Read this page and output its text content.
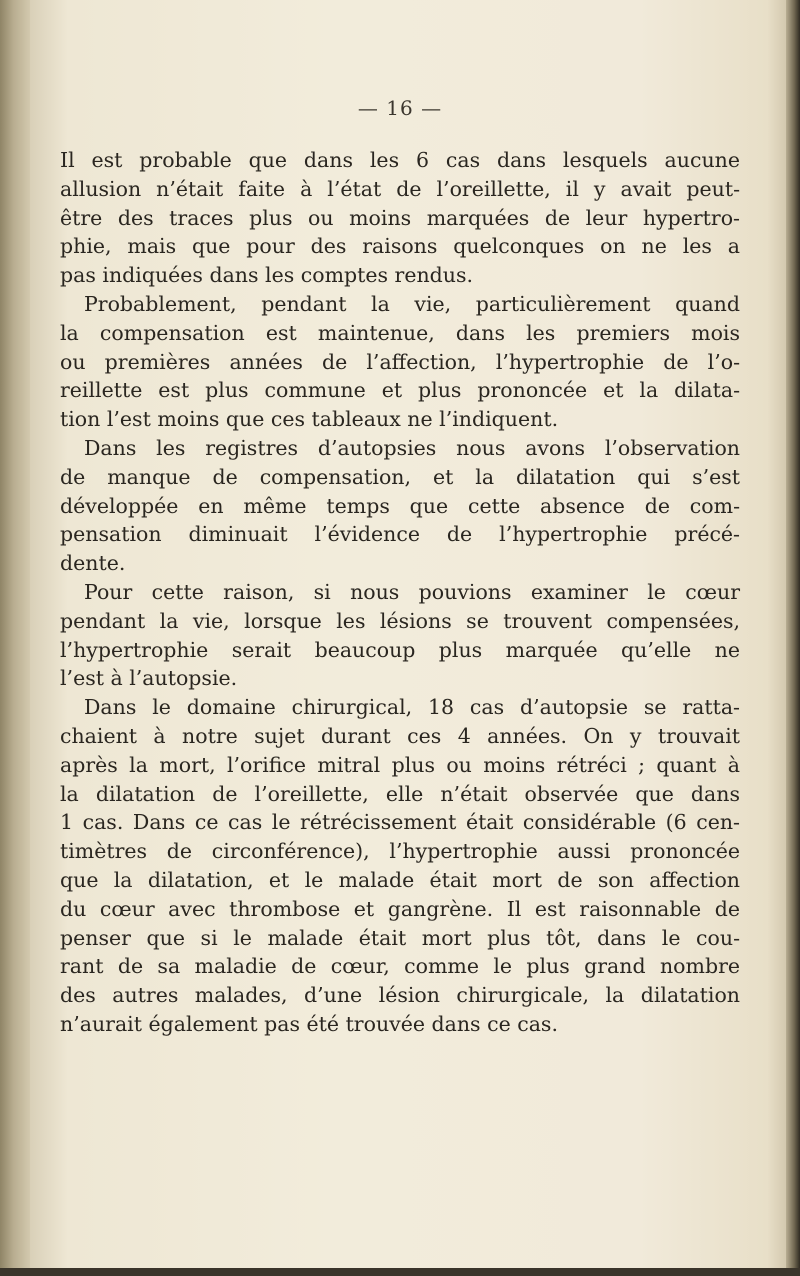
— 16 —

Il est probable que dans les 6 cas dans lesquels aucune
allusion n’était faite à l’état de l’oreillette, il y avait peut-
être des traces plus ou moins marquées de leur hypertro-
phie, mais que pour des raisons quelconques on ne les a
pas indiquées dans les comptes rendus.

Probablement, pendant la vie, particulièrement quand
la compensation est maintenue, dans les premiers mois
ou premières années de l’affection, l’hypertrophie de l’o-
reillette est plus commune et plus prononcée et la dilata-
tion l’est moins que ces tableaux ne l’indiquent.

Dans les registres d’autopsies nous avons l’observation
de manque de compensation, et la dilatation qui s’est
développée en même temps que cette absence de com-
pensation diminuait l’évidence de l’hypertrophie précé-
dente.

Pour cette raison, si nous pouvions examiner le cœur
pendant la vie, lorsque les lésions se trouvent compensées,
l’hypertrophie serait beaucoup plus marquée qu’elle ne
l’est à l’autopsie.

Dans le domaine chirurgical, 18 cas d’autopsie se ratta-
chaient à notre sujet durant ces 4 années. On y trouvait
après la mort, l’orifice mitral plus ou moins rétréci ; quant à
la dilatation de l’oreillette, elle n’était observée que dans
1 cas. Dans ce cas le rétrécissement était considérable (6 cen-
timètres de circonférence), l’hypertrophie aussi prononcée
que la dilatation, et le malade était mort de son affection
du cœur avec thrombose et gangrène. Il est raisonnable de
penser que si le malade était mort plus tôt, dans le cou-
rant de sa maladie de cœur, comme le plus grand nombre
des autres malades, d’une lésion chirurgicale, la dilatation
n’aurait également pas été trouvée dans ce cas.
